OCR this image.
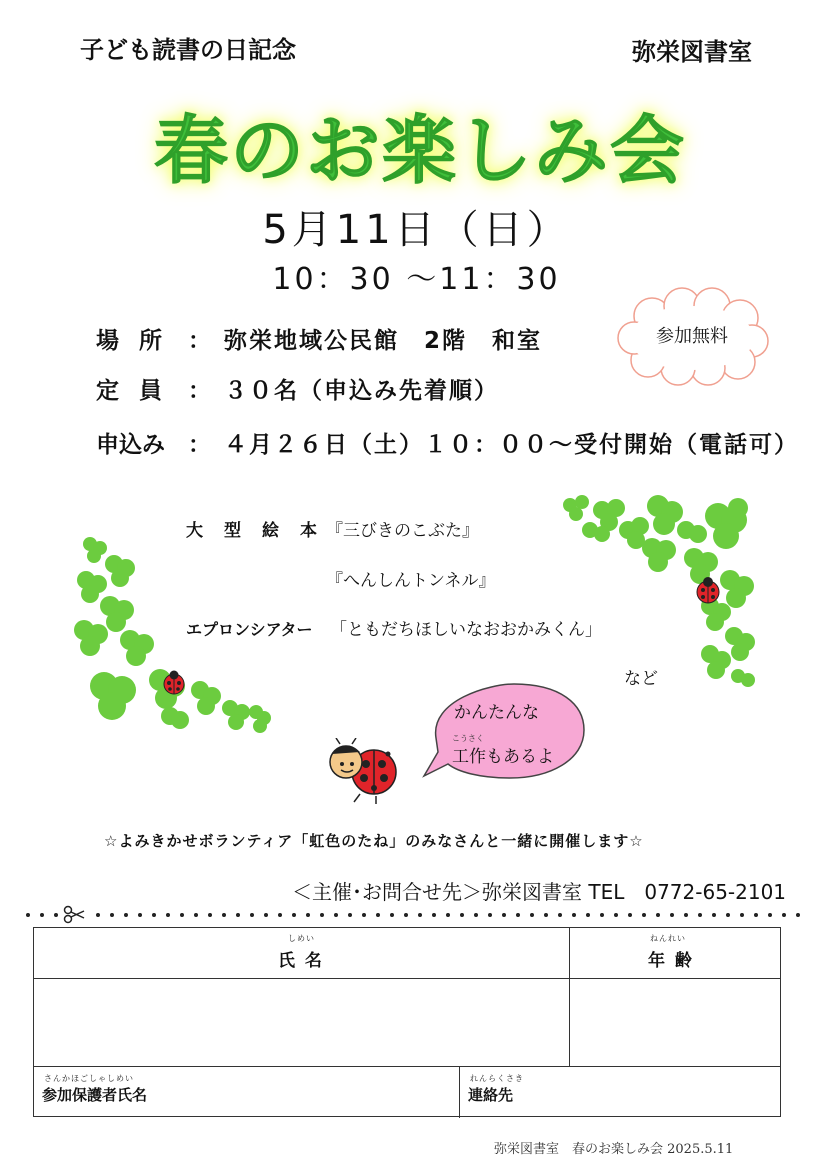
子ども読書の日記念	弥栄図書室
春のお楽しみ会
5月11日（日）
10：30 ～11：30
場 所 ： 弥栄地域公民館　2階　和室
定 員 ： ３０名（申込み先着順）
申込み ： ４月２６日（土）１０：００～受付開始（電話可）
参加無料
大　型　絵　本 『三びきのこぶた』
『へんしんトンネル』
エプロンシアター 「ともだちほしいなおおかみくん」
など
かんたんな
こうさく
工作もあるよ
☆よみきかせボランティア「虹色のたね」のみなさんと一緒に開催します☆
＜主催･お問合せ先＞弥栄図書室 TEL　0772-65-2101
しめい
氏 名
ねんれい
年 齢
さんかほごしゃしめい
参加保護者氏名
れんらくさき
連絡先
弥栄図書室　春のお楽しみ会 2025.5.11
